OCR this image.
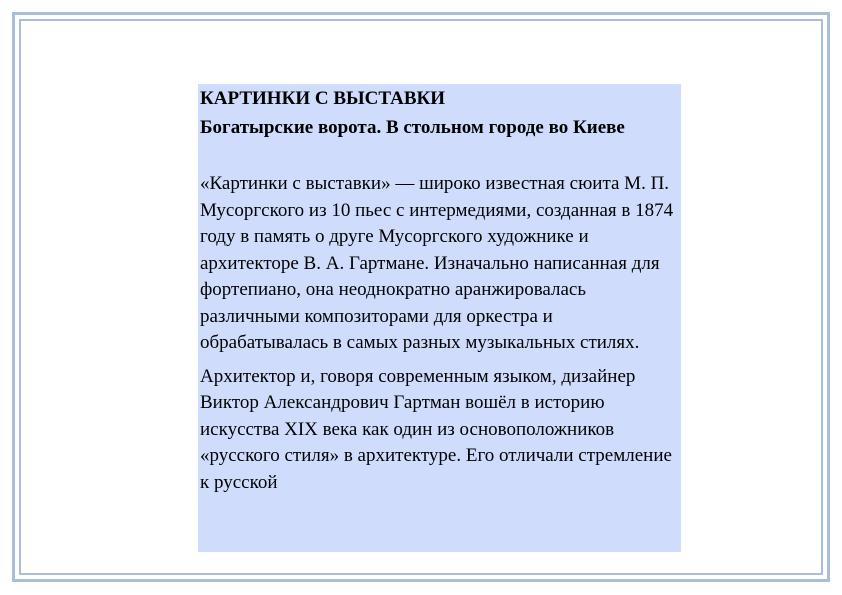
КАРТИНКИ С ВЫСТАВКИ

Богатырские ворота. В стольном городе во Киеве

«Картинки с выставки» — широко известная сюита М. П. Мусоргского из 10 пьес с интермедиями, созданная в 1874 году в память о друге Мусоргского художнике и архитекторе В. А. Гартмане. Изначально написанная для фортепиано, она неоднократно аранжировалась различными композиторами для оркестра и обрабатывалась в самых разных музыкальных стилях.

Архитектор и, говоря современным языком, дизайнер Виктор Александрович Гартман вошёл в историю искусства XIX века как один из основоположников «русского стиля» в архитектуре. Его отличали стремление к русской
